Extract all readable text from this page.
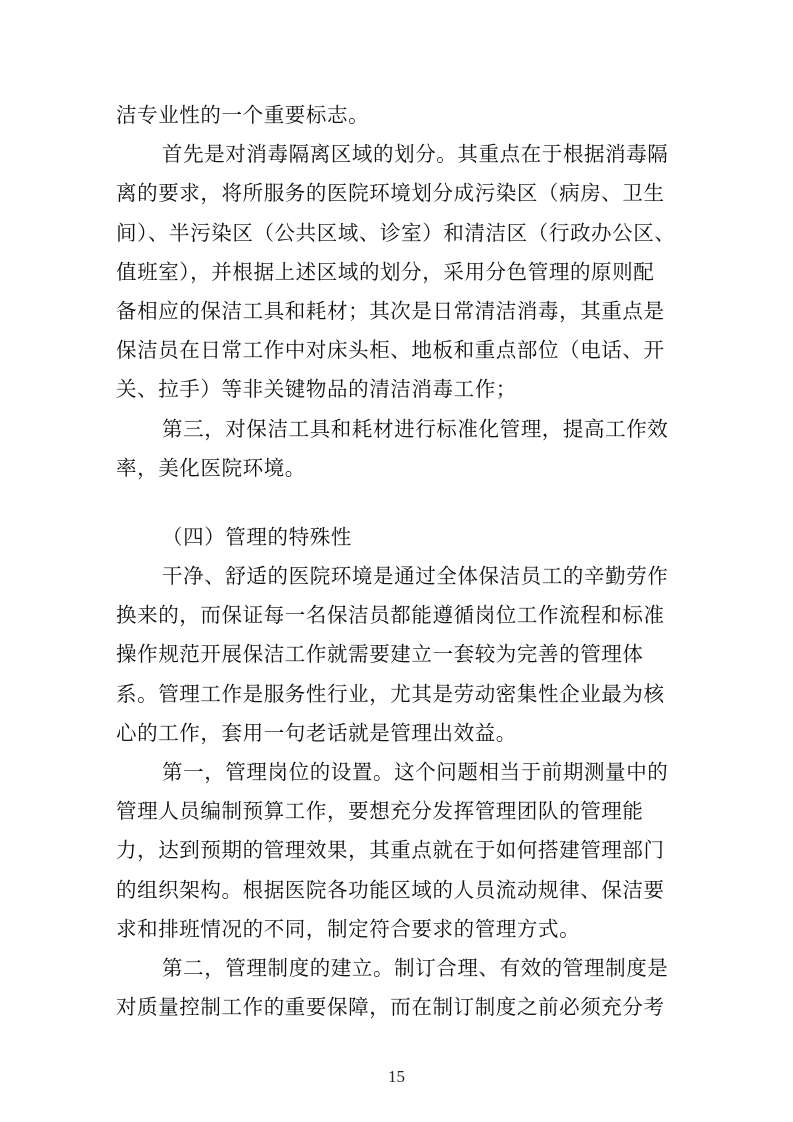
洁专业性的一个重要标志。
首先是对消毒隔离区域的划分。其重点在于根据消毒隔
离的要求，将所服务的医院环境划分成污染区（病房、卫生
间）、半污染区（公共区域、诊室）和清洁区（行政办公区、
值班室），并根据上述区域的划分，采用分色管理的原则配
备相应的保洁工具和耗材；其次是日常清洁消毒，其重点是
保洁员在日常工作中对床头柜、地板和重点部位（电话、开
关、拉手）等非关键物品的清洁消毒工作；
第三，对保洁工具和耗材进行标准化管理，提高工作效
率，美化医院环境。
（四）管理的特殊性
干净、舒适的医院环境是通过全体保洁员工的辛勤劳作
换来的，而保证每一名保洁员都能遵循岗位工作流程和标准
操作规范开展保洁工作就需要建立一套较为完善的管理体
系。管理工作是服务性行业，尤其是劳动密集性企业最为核
心的工作，套用一句老话就是管理出效益。
第一，管理岗位的设置。这个问题相当于前期测量中的
管理人员编制预算工作，要想充分发挥管理团队的管理能
力，达到预期的管理效果，其重点就在于如何搭建管理部门
的组织架构。根据医院各功能区域的人员流动规律、保洁要
求和排班情况的不同，制定符合要求的管理方式。
第二，管理制度的建立。制订合理、有效的管理制度是
对质量控制工作的重要保障，而在制订制度之前必须充分考
15
